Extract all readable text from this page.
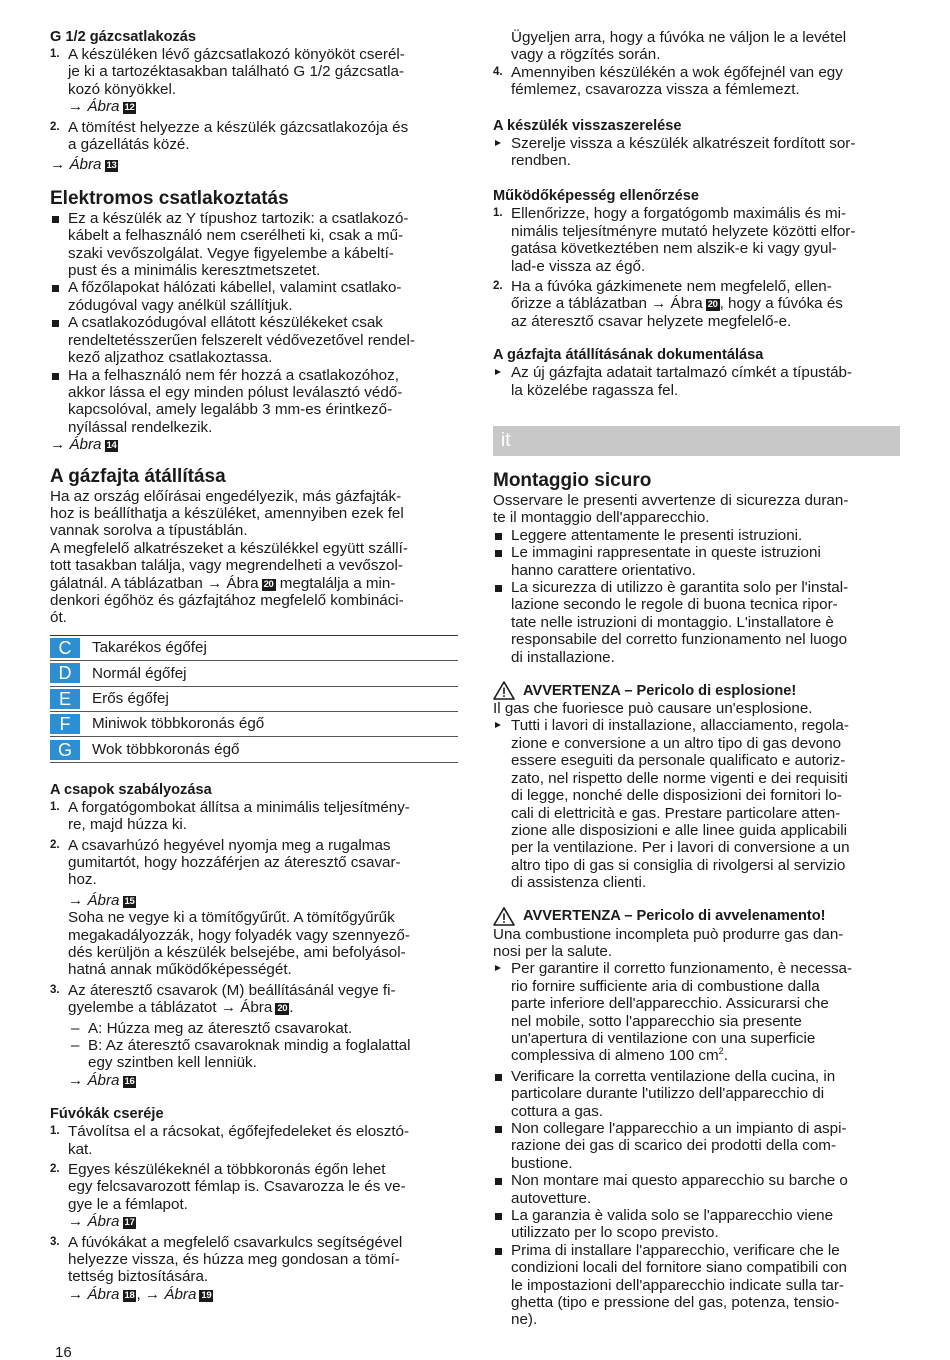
G 1/2 gázcsatlakozás
1. A készüléken lévő gázcsatlakozó könyököt cserél-
je ki a tartozéktasakban található G 1/2 gázcsatla-
kozó könyökkel.
→ Ábra 12
2. A tömítést helyezze a készülék gázcsatlakozója és
a gázellátás közé.
→ Ábra 13
Elektromos csatlakoztatás
Ez a készülék az Y típushoz tartozik: a csatlakozó-
kábelt a felhasználó nem cserélheti ki, csak a mű-
szaki vevőszolgálat. Vegye figyelembe a kábeltí-
pust és a minimális keresztmetszetet.
A főzőlapokat hálózati kábellel, valamint csatlako-
zódugóval vagy anélkül szállítjuk.
A csatlakozódugóval ellátott készülékeket csak
rendeltetésszerűen felszerelt védővezetővel rendel-
kező aljzathoz csatlakoztassa.
Ha a felhasználó nem fér hozzá a csatlakozóhoz,
akkor lássa el egy minden pólust leválasztó védő-
kapcsolóval, amely legalább 3 mm-es érintkező-
nyílással rendelkezik.
→ Ábra 14
A gázfajta átállítása

Ha az ország előírásai engedélyezik, más gázfajták-
hoz is beállíthatja a készüléket, amennyiben ezek fel
vannak sorolva a típustáblán.

A megfelelő alkatrészeket a készülékkel együtt szállí-
tott tasakban találja, vagy megrendelheti a vevőszol-
gálatnál. A táblázatban → Ábra 20 megtalálja a min-
denkori égőhöz és gázfajtához megfelelő kombináci-
ót.

C	Takarékos égőfej
D	Normál égőfej
E	Erős égőfej
F	Miniwok többkoronás égő
G	Wok többkoronás égő
A csapok szabályozása
1. A forgatógombokat állítsa a minimális teljesítmény-
re, majd húzza ki.
2. A csavarhúzó hegyével nyomja meg a rugalmas
gumitartót, hogy hozzáférjen az áteresztő csavar-
hoz.
→ Ábra 15
Soha ne vegye ki a tömítőgyűrűt. A tömítőgyűrűk
megakadályozzák, hogy folyadék vagy szennyező-
dés kerüljön a készülék belsejébe, ami befolyásol-
hatná annak működőképességét.
3. Az áteresztő csavarok (M) beállításánál vegye fi-
gyelembe a táblázatot → Ábra 20 .
– A: Húzza meg az áteresztő csavarokat.
– B: Az áteresztő csavaroknak mindig a foglalattal
egy szintben kell lenniük.
→ Ábra 16
Fúvókák cseréje
1. Távolítsa el a rácsokat, égőfejfedeleket és elosztó-
kat.
2. Egyes készülékeknél a többkoronás égőn lehet
egy felcsavarozott fémlap is. Csavarozza le és ve-
gye le a fémlapot.
→ Ábra 17
3. A fúvókákat a megfelelő csavarkulcs segítségével
helyezze vissza, és húzza meg gondosan a tömí-
tettség biztosítására.
→ Ábra 18 , → Ábra 19
Ügyeljen arra, hogy a fúvóka ne váljon le a levétel
vagy a rögzítés során.
4. Amennyiben készülékén a wok égőfejnél van egy
fémlemez, csavarozza vissza a fémlemezt.
A készülék visszaszerelése
Szerelje vissza a készülék alkatrészeit fordított sor-
rendben.
Működőképesség ellenőrzése
1. Ellenőrizze, hogy a forgatógomb maximális és mi-
nimális teljesítményre mutató helyzete közötti elfor-
gatása következtében nem alszik-e ki vagy gyul-
lad-e vissza az égő.
2. Ha a fúvóka gázkimenete nem megfelelő, ellen-
őrizze a táblázatban → Ábra 20 , hogy a fúvóka és
az áteresztő csavar helyzete megfelelő-e.
A gázfajta átállításának dokumentálása
Az új gázfajta adatait tartalmazó címkét a típustáb-
la közelébe ragassza fel.
it
Montaggio sicuro

Osservare le presenti avvertenze di sicurezza duran-
te il montaggio dell'apparecchio.

Leggere attentamente le presenti istruzioni.
Le immagini rappresentate in queste istruzioni
hanno carattere orientativo.
La sicurezza di utilizzo è garantita solo per l'instal-
lazione secondo le regole di buona tecnica ripor-
tate nelle istruzioni di montaggio. L'installatore è
responsabile del corretto funzionamento nel luogo
di installazione.
AVVERTENZA – Pericolo di esplosione!

Il gas che fuoriesce può causare un'esplosione.

Tutti i lavori di installazione, allacciamento, regola-
zione e conversione a un altro tipo di gas devono
essere eseguiti da personale qualificato e autoriz-
zato, nel rispetto delle norme vigenti e dei requisiti
di legge, nonché delle disposizioni dei fornitori lo-
cali di elettricità e gas. Prestare particolare atten-
zione alle disposizioni e alle linee guida applicabili
per la ventilazione. Per i lavori di conversione a un
altro tipo di gas si consiglia di rivolgersi al servizio
di assistenza clienti.
AVVERTENZA – Pericolo di avvelenamento!

Una combustione incompleta può produrre gas dan-
nosi per la salute.

Per garantire il corretto funzionamento, è necessa-
rio fornire sufficiente aria di combustione dalla
parte inferiore dell'apparecchio. Assicurarsi che
nel mobile, sotto l'apparecchio sia presente
un'apertura di ventilazione con una superficie
complessiva di almeno 100 $cm^2$.
Verificare la corretta ventilazione della cucina, in
particolare durante l'utilizzo dell'apparecchio di
cottura a gas.
Non collegare l'apparecchio a un impianto di aspi-
razione dei gas di scarico dei prodotti della com-
bustione.
Non montare mai questo apparecchio su barche o
autovetture.
La garanzia è valida solo se l'apparecchio viene
utilizzato per lo scopo previsto.
Prima di installare l'apparecchio, verificare che le
condizioni locali del fornitore siano compatibili con
le impostazioni dell'apparecchio indicate sulla tar-
ghetta (tipo e pressione del gas, potenza, tensio-
ne).
16
